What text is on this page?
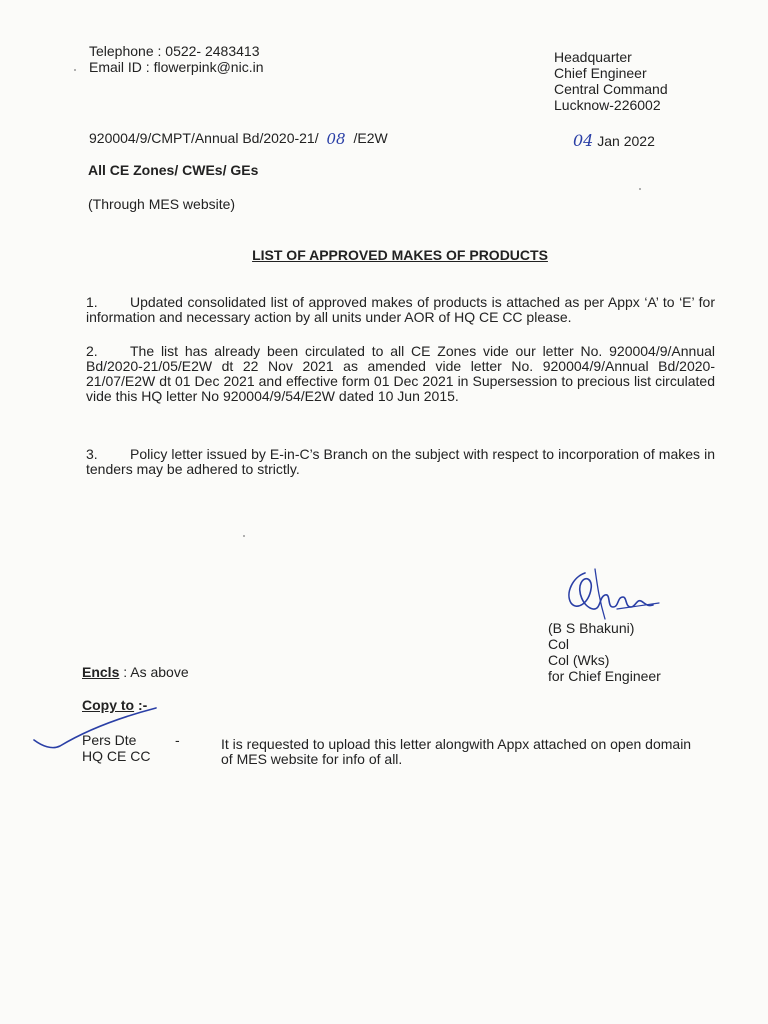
Telephone : 0522- 2483413
Email ID : flowerpink@nic.in
Headquarter
Chief Engineer
Central Command
Lucknow-226002
920004/9/CMPT/Annual Bd/2020-21/ 08 /E2W	04 Jan 2022
All CE Zones/ CWEs/ GEs
(Through MES website)
LIST OF APPROVED MAKES OF PRODUCTS
1. Updated consolidated list of approved makes of products is attached as per Appx ‘A’ to ‘E’ for information and necessary action by all units under AOR of HQ CE CC please.
2. The list has already been circulated to all CE Zones vide our letter No. 920004/9/Annual Bd/2020-21/05/E2W dt 22 Nov 2021 as amended vide letter No. 920004/9/Annual Bd/2020-21/07/E2W dt 01 Dec 2021 and effective form 01 Dec 2021 in Supersession to precious list circulated vide this HQ letter No 920004/9/54/E2W dated 10 Jun 2015.
3. Policy letter issued by E-in-C’s Branch on the subject with respect to incorporation of makes in tenders may be adhered to strictly.
(B S Bhakuni)
Col
Col (Wks)
for Chief Engineer
Encls : As above
Copy to :-
Pers Dte
HQ CE CC
-	It is requested to upload this letter alongwith Appx attached on open domain of MES website for info of all.
